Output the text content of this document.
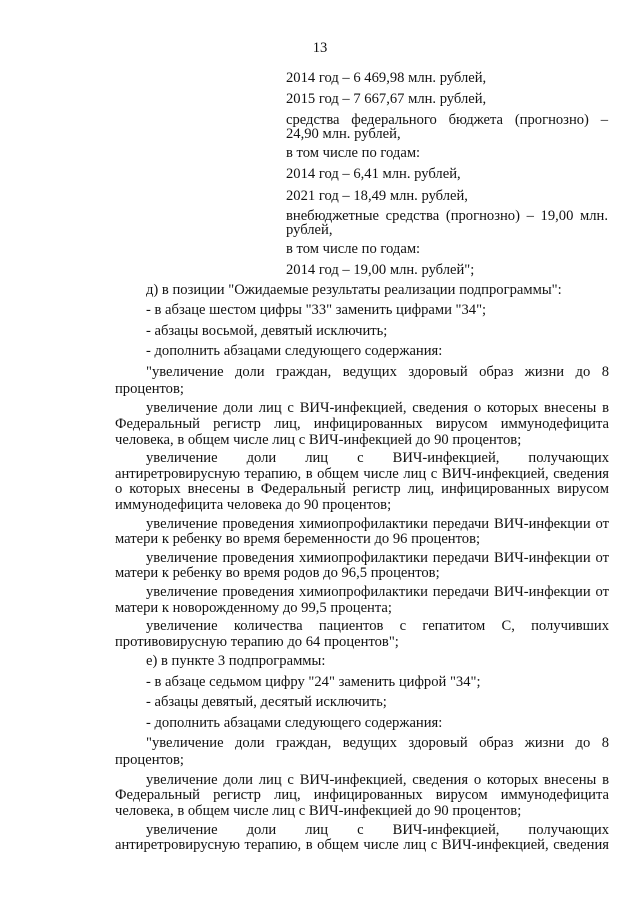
13
2014 год – 6 469,98 млн. рублей,
2015 год – 7 667,67 млн. рублей,
средства федерального бюджета (прогнозно) – 24,90 млн. рублей,
в том числе по годам:
2014 год – 6,41 млн. рублей,
2021 год – 18,49 млн. рублей,
внебюджетные средства (прогнозно) – 19,00 млн. рублей,
в том числе по годам:
2014 год – 19,00 млн. рублей";

д) в позиции "Ожидаемые результаты реализации подпрограммы":

- в абзаце шестом цифры "33" заменить цифрами "34";

- абзацы восьмой, девятый исключить;

- дополнить абзацами следующего содержания:

"увеличение доли граждан, ведущих здоровый образ жизни до 8 процентов;

увеличение доли лиц с ВИЧ-инфекцией, сведения о которых внесены в Федеральный регистр лиц, инфицированных вирусом иммунодефицита человека, в общем числе лиц с ВИЧ-инфекцией до 90 процентов;

увеличение доли лиц с ВИЧ-инфекцией, получающих антиретровирусную терапию, в общем числе лиц с ВИЧ-инфекцией, сведения о которых внесены в Федеральный регистр лиц, инфицированных вирусом иммунодефицита человека до 90 процентов;

увеличение проведения химиопрофилактики передачи ВИЧ-инфекции от матери к ребенку во время беременности до 96 процентов;

увеличение проведения химиопрофилактики передачи ВИЧ-инфекции от матери к ребенку во время родов до 96,5 процентов;

увеличение проведения химиопрофилактики передачи ВИЧ-инфекции от матери к новорожденному до 99,5 процента;

увеличение количества пациентов с гепатитом С, получивших противовирусную терапию до 64 процентов";

е) в пункте 3 подпрограммы:

- в абзаце седьмом цифру "24" заменить цифрой "34";

- абзацы девятый, десятый исключить;

- дополнить абзацами следующего содержания:

"увеличение доли граждан, ведущих здоровый образ жизни до 8 процентов;

увеличение доли лиц с ВИЧ-инфекцией, сведения о которых внесены в Федеральный регистр лиц, инфицированных вирусом иммунодефицита человека, в общем числе лиц с ВИЧ-инфекцией до 90 процентов;

увеличение доли лиц с ВИЧ-инфекцией, получающих антиретровирусную терапию, в общем числе лиц с ВИЧ-инфекцией, сведения
